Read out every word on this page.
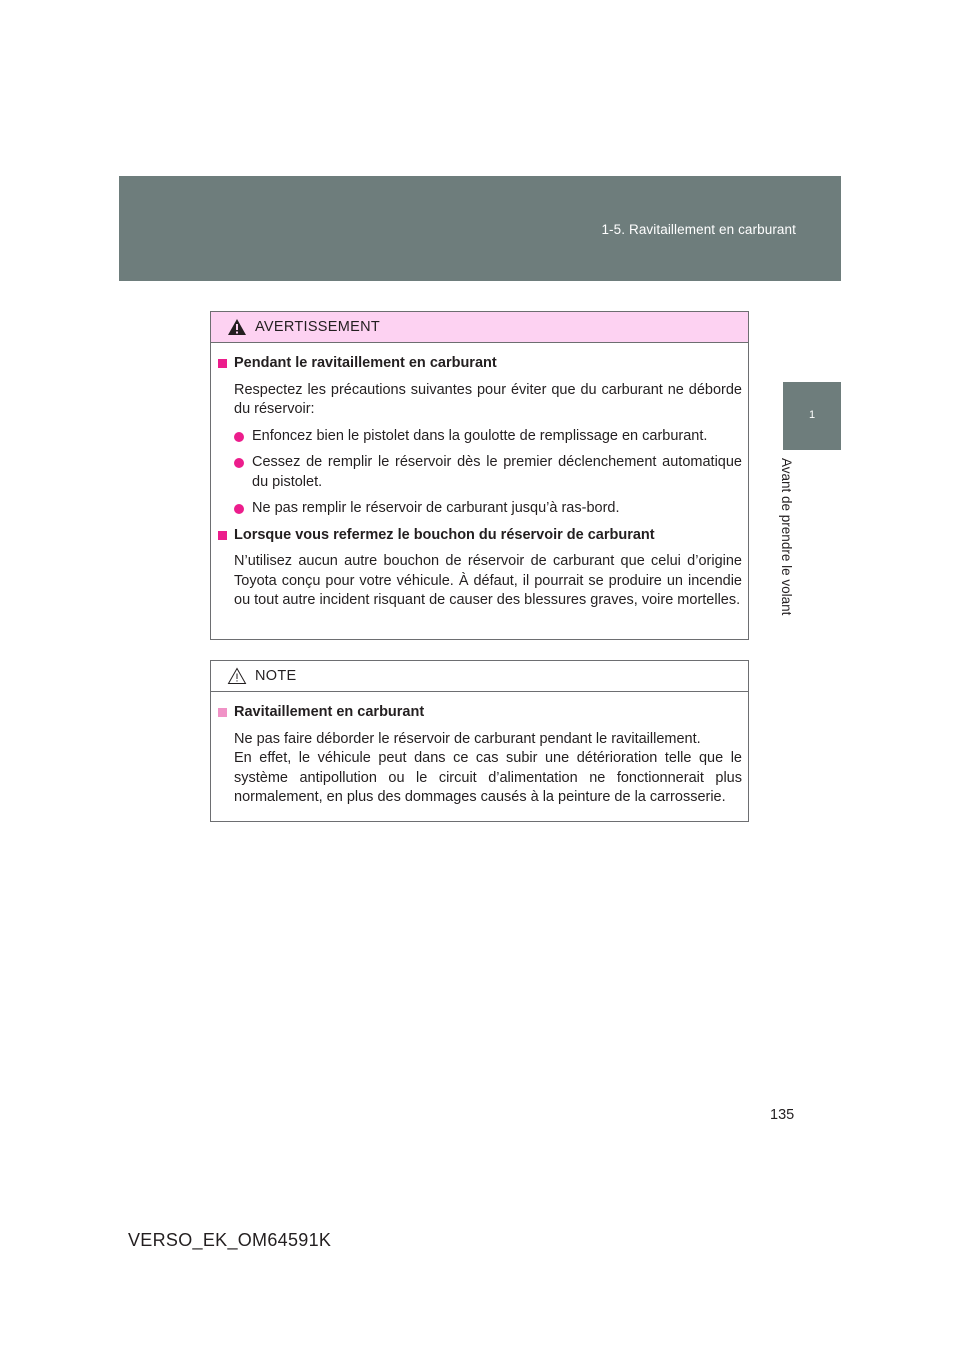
1-5. Ravitaillement en carburant
1
Avant de prendre le volant
AVERTISSEMENT
Pendant le ravitaillement en carburant
Respectez les précautions suivantes pour éviter que du carburant ne déborde du réservoir:
Enfoncez bien le pistolet dans la goulotte de remplissage en carburant.
Cessez de remplir le réservoir dès le premier déclenchement automatique du pistolet.
Ne pas remplir le réservoir de carburant jusqu’à ras-bord.
Lorsque vous refermez le bouchon du réservoir de carburant
N’utilisez aucun autre bouchon de réservoir de carburant que celui d’origine Toyota conçu pour votre véhicule. À défaut, il pourrait se produire un incendie ou tout autre incident risquant de causer des blessures graves, voire mortelles.
NOTE
Ravitaillement en carburant
Ne pas faire déborder le réservoir de carburant pendant le ravitaillement.
En effet, le véhicule peut dans ce cas subir une détérioration telle que le système antipollution ou le circuit d’alimentation ne fonctionnerait plus normalement, en plus des dommages causés à la peinture de la carrosserie.
135
VERSO_EK_OM64591K
